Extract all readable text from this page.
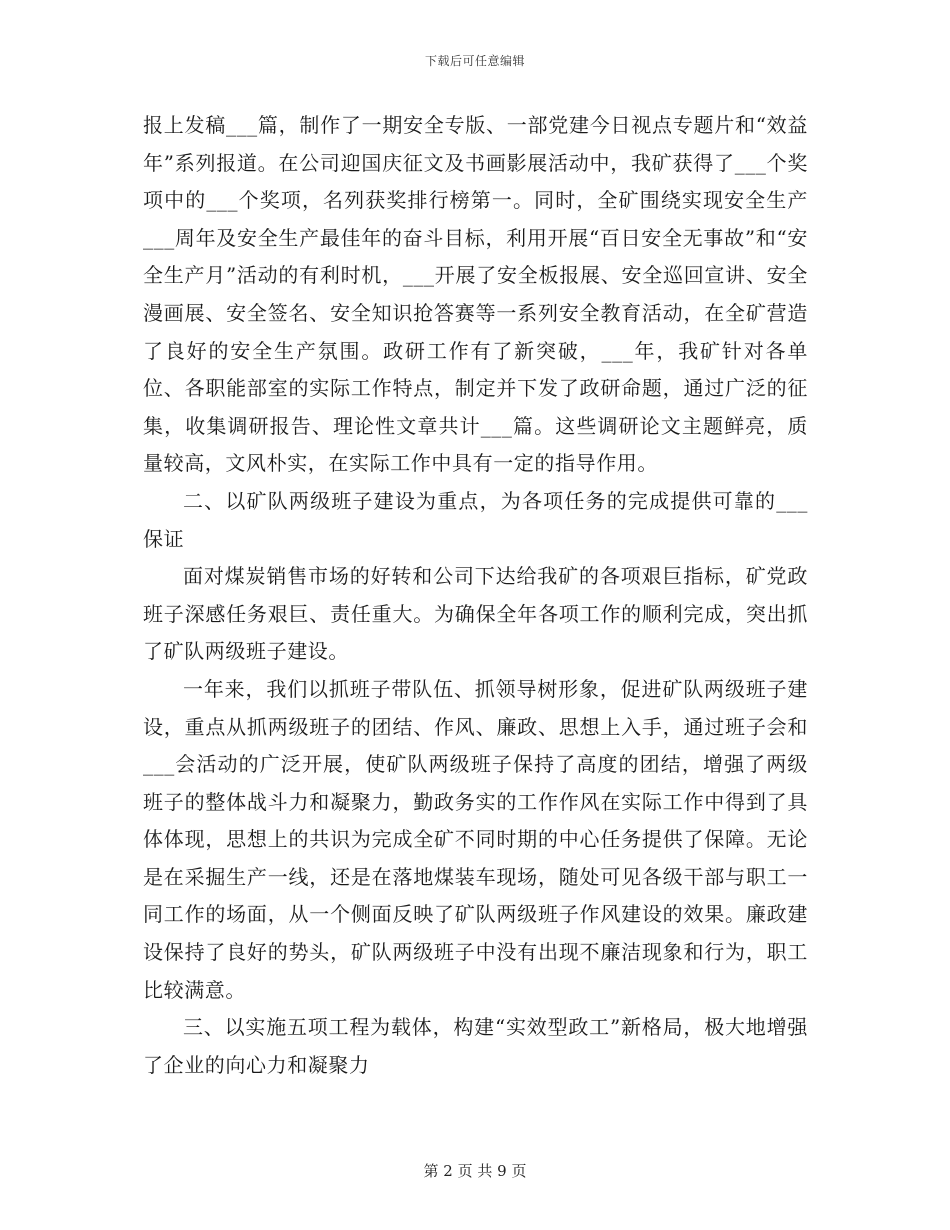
下载后可任意编辑

报上发稿___篇，制作了一期安全专版、一部党建今日视点专题片和“效益年”系列报道。在公司迎国庆征文及书画影展活动中，我矿获得了___个奖项中的___个奖项，名列获奖排行榜第一。同时，全矿围绕实现安全生产___周年及安全生产最佳年的奋斗目标，利用开展“百日安全无事故”和“安全生产月”活动的有利时机，___开展了安全板报展、安全巡回宣讲、安全漫画展、安全签名、安全知识抢答赛等一系列安全教育活动，在全矿营造了良好的安全生产氛围。政研工作有了新突破，___年，我矿针对各单位、各职能部室的实际工作特点，制定并下发了政研命题，通过广泛的征集，收集调研报告、理论性文章共计___篇。这些调研论文主题鲜亮，质量较高，文风朴实，在实际工作中具有一定的指导作用。

二、以矿队两级班子建设为重点，为各项任务的完成提供可靠的___保证

面对煤炭销售市场的好转和公司下达给我矿的各项艰巨指标，矿党政班子深感任务艰巨、责任重大。为确保全年各项工作的顺利完成，突出抓了矿队两级班子建设。

一年来，我们以抓班子带队伍、抓领导树形象，促进矿队两级班子建设，重点从抓两级班子的团结、作风、廉政、思想上入手，通过班子会和___会活动的广泛开展，使矿队两级班子保持了高度的团结，增强了两级班子的整体战斗力和凝聚力，勤政务实的工作作风在实际工作中得到了具体体现，思想上的共识为完成全矿不同时期的中心任务提供了保障。无论是在采掘生产一线，还是在落地煤装车现场，随处可见各级干部与职工一同工作的场面，从一个侧面反映了矿队两级班子作风建设的效果。廉政建设保持了良好的势头，矿队两级班子中没有出现不廉洁现象和行为，职工比较满意。

三、以实施五项工程为载体，构建“实效型政工”新格局，极大地增强了企业的向心力和凝聚力

第 2 页 共 9 页
